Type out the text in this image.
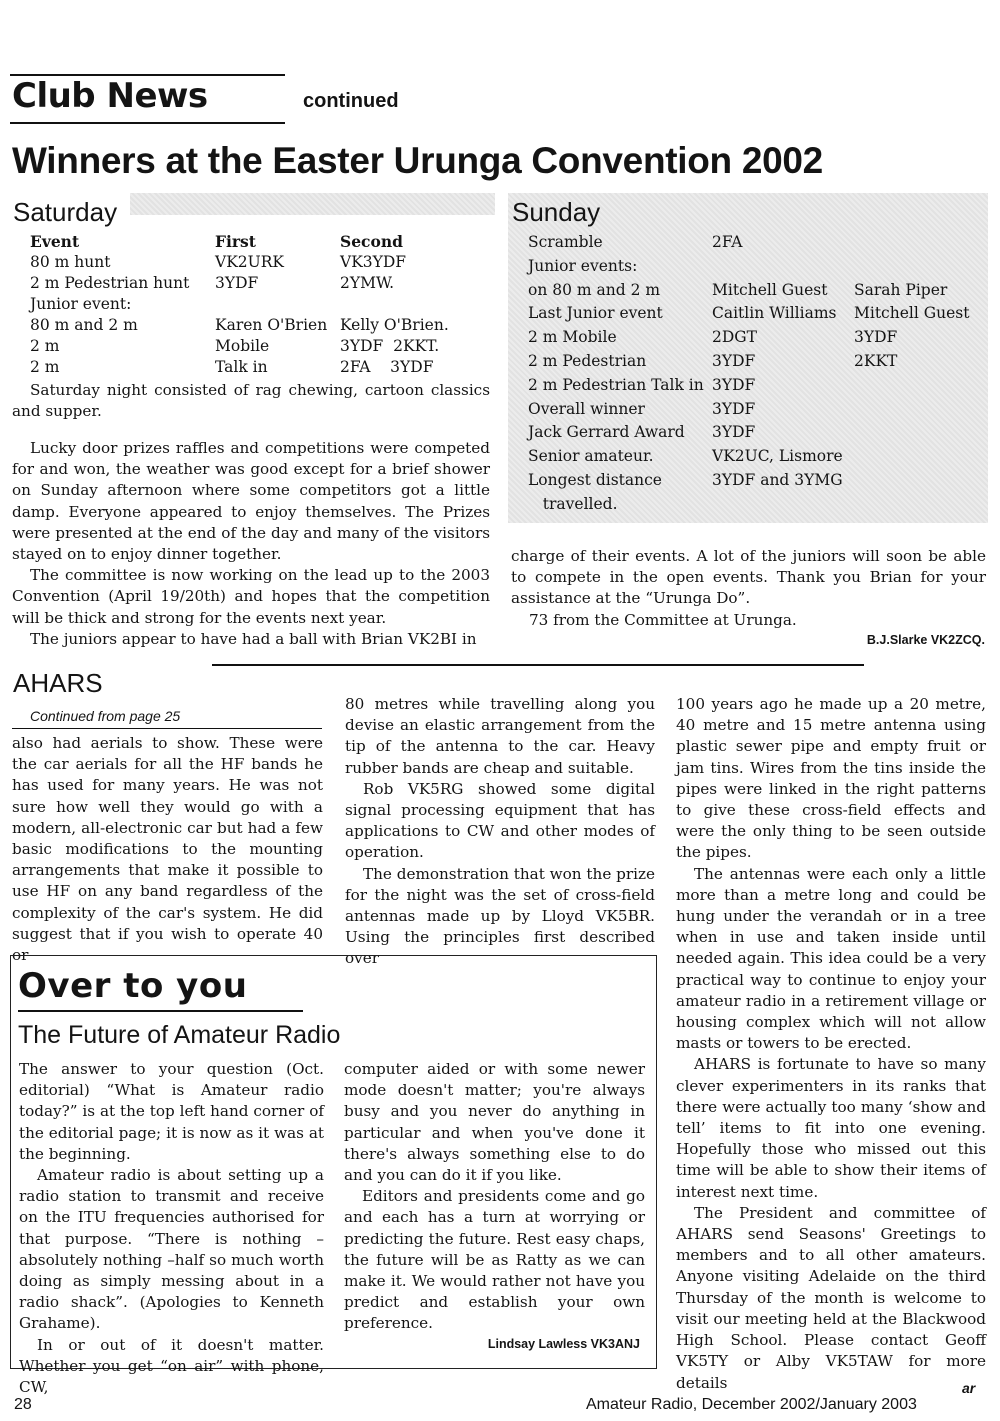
Club News	continued
Winners at the Easter Urunga Convention 2002
Saturday
Event	First	Second
80 m hunt	VK2URK	VK3YDF
2 m Pedestrian hunt	3YDF	2YMW.
Junior event:		
80 m and 2 m	Karen O'Brien	Kelly O'Brien.
2 m	Mobile	3YDF  2KKT.
2 m	Talk in	2FA    3YDF

Saturday night consisted of rag chewing, cartoon classics and supper.

Sunday
Scramble	2FA	
Junior events:		
on 80 m and 2 m	Mitchell Guest	Sarah Piper
Last Junior event	Caitlin Williams	Mitchell Guest
2 m Mobile	2DGT	3YDF
2 m Pedestrian	3YDF	2KKT
2 m Pedestrian Talk in	3YDF	
Overall winner	3YDF	
Jack Gerrard Award	3YDF	
Senior amateur.	VK2UC, Lismore	
Longest distance	3YDF and 3YMG	
travelled.		

Lucky door prizes raffles and competitions were competed for and won, the weather was good except for a brief shower on Sunday afternoon where some competitors got a little damp. Everyone appeared to enjoy themselves. The Prizes were presented at the end of the day and many of the visitors stayed on to enjoy dinner together.

The committee is now working on the lead up to the 2003 Convention (April 19/20th) and hopes that the competition will be thick and strong for the events next year.

The juniors appear to have had a ball with Brian VK2BI in

charge of their events. A lot of the juniors will soon be able to compete in the open events. Thank you Brian for your assistance at the “Urunga Do”.

73 from the Committee at Urunga.

B.J.Slarke VK2ZCQ.
AHARS
Continued from page 25

also had aerials to show. These were the car aerials for all the HF bands he has used for many years. He was not sure how well they would go with a modern, all-electronic car but had a few basic modifications to the mounting arrangements that make it possible to use HF on any band regardless of the complexity of the car's system. He did suggest that if you wish to operate 40 or

80 metres while travelling along you devise an elastic arrangement from the tip of the antenna to the car. Heavy rubber bands are cheap and suitable.

Rob VK5RG showed some digital signal processing equipment that has applications to CW and other modes of operation.

The demonstration that won the prize for the night was the set of cross-field antennas made up by Lloyd VK5BR. Using the principles first described over

100 years ago he made up a 20 metre, 40 metre and 15 metre antenna using plastic sewer pipe and empty fruit or jam tins. Wires from the tins inside the pipes were linked in the right patterns to give these cross-field effects and were the only thing to be seen outside the pipes.

The antennas were each only a little more than a metre long and could be hung under the verandah or in a tree when in use and taken inside until needed again. This idea could be a very practical way to continue to enjoy your amateur radio in a retirement village or housing complex which will not allow masts or towers to be erected.

AHARS is fortunate to have so many clever experimenters in its ranks that there were actually too many ‘show and tell’ items to fit into one evening. Hopefully those who missed out this time will be able to show their items of interest next time.

The President and committee of AHARS send Seasons' Greetings to members and to all other amateurs. Anyone visiting Adelaide on the third Thursday of the month is welcome to visit our meeting held at the Blackwood High School. Please contact Geoff VK5TY or Alby VK5TAW for more details	ar
Over to you
The Future of Amateur Radio

The answer to your question (Oct. editorial) “What is Amateur radio today?” is at the top left hand corner of the editorial page; it is now as it was at the beginning.

Amateur radio is about setting up a radio station to transmit and receive on the ITU frequencies authorised for that purpose. “There is nothing – absolutely nothing –half so much worth doing as simply messing about in a radio shack”. (Apologies to Kenneth Grahame).

In or out of it doesn't matter. Whether you get “on air” with phone, CW,

computer aided or with some newer mode doesn't matter; you're always busy and you never do anything in particular and when you've done it there's always something else to do and you can do it if you like.

Editors and presidents come and go and each has a turn at worrying or predicting the future. Rest easy chaps, the future will be as Ratty as we can make it. We would rather not have you predict and establish your own preference.

Lindsay Lawless VK3ANJ
28	Amateur Radio, December 2002/January 2003
